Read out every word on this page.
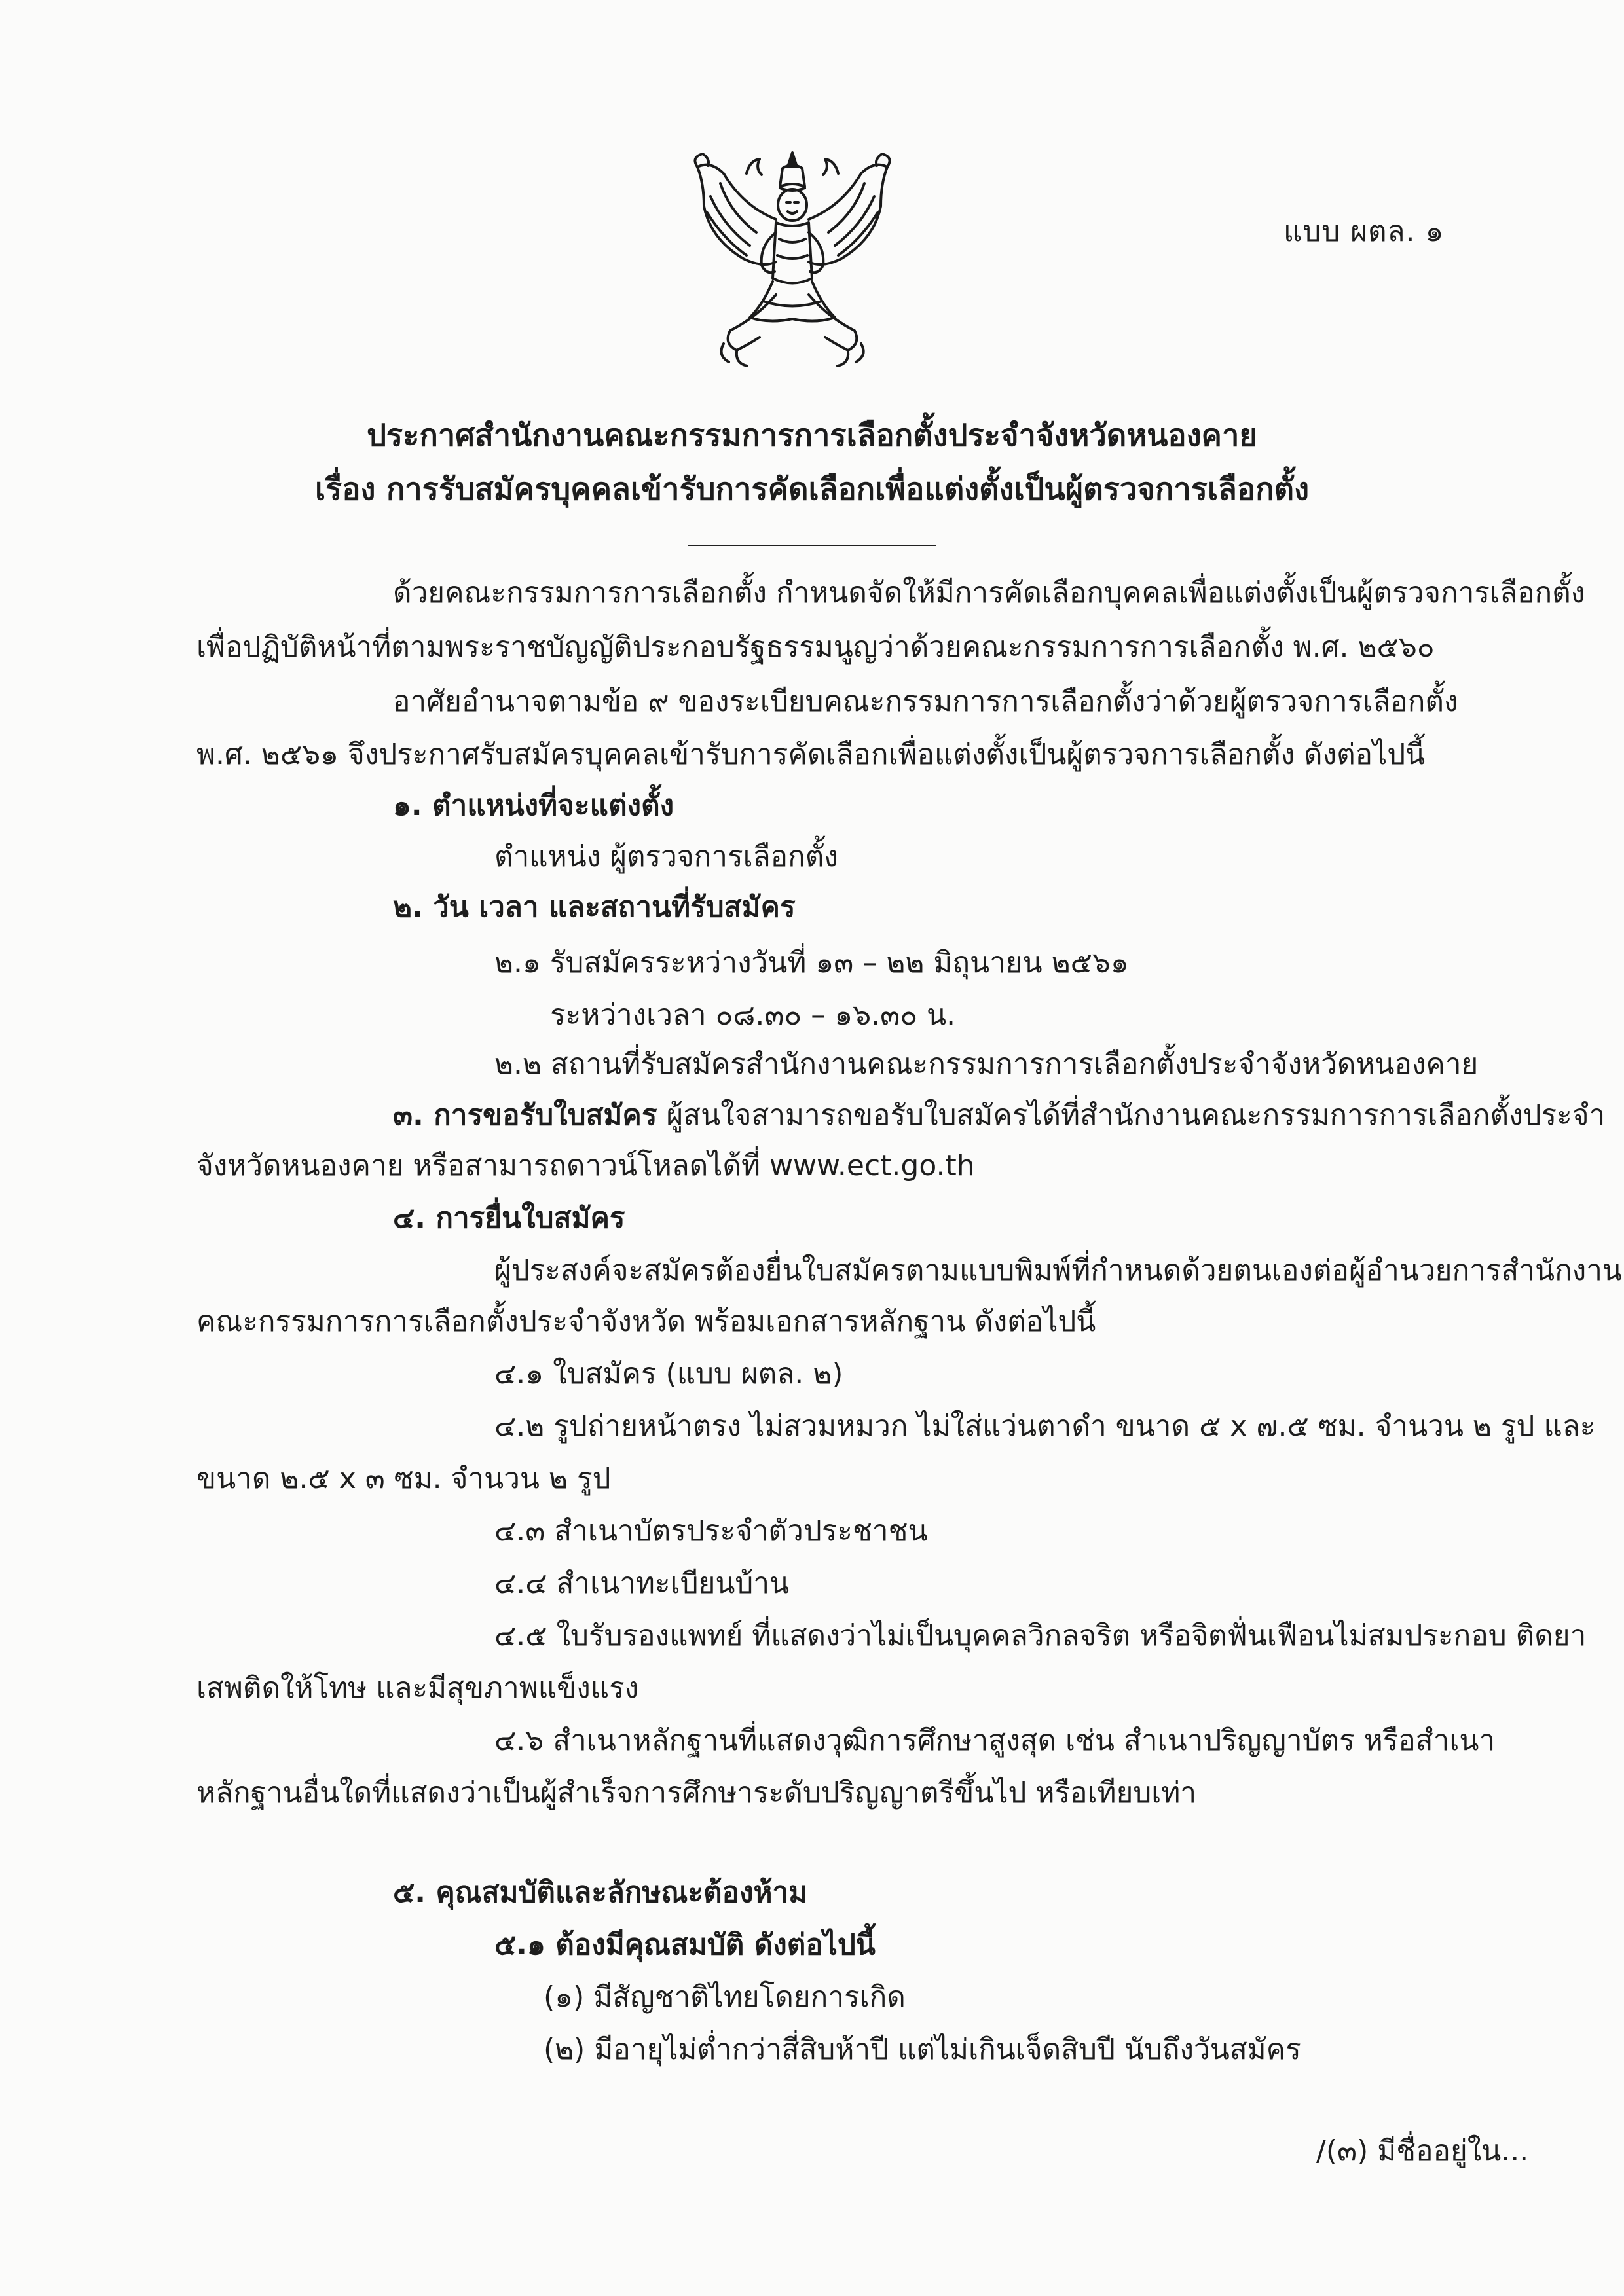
แบบ ผตล. ๑
ประกาศสำนักงานคณะกรรมการการเลือกตั้งประจำจังหวัดหนองคาย
เรื่อง การรับสมัครบุคคลเข้ารับการคัดเลือกเพื่อแต่งตั้งเป็นผู้ตรวจการเลือกตั้ง
ด้วยคณะกรรมการการเลือกตั้ง กำหนดจัดให้มีการคัดเลือกบุคคลเพื่อแต่งตั้งเป็นผู้ตรวจการเลือกตั้ง
เพื่อปฏิบัติหน้าที่ตามพระราชบัญญัติประกอบรัฐธรรมนูญว่าด้วยคณะกรรมการการเลือกตั้ง พ.ศ. ๒๕๖๐
อาศัยอำนาจตามข้อ ๙ ของระเบียบคณะกรรมการการเลือกตั้งว่าด้วยผู้ตรวจการเลือกตั้ง
พ.ศ. ๒๕๖๑ จึงประกาศรับสมัครบุคคลเข้ารับการคัดเลือกเพื่อแต่งตั้งเป็นผู้ตรวจการเลือกตั้ง ดังต่อไปนี้
๑. ตำแหน่งที่จะแต่งตั้ง
ตำแหน่ง ผู้ตรวจการเลือกตั้ง
๒. วัน เวลา และสถานที่รับสมัคร
๒.๑ รับสมัครระหว่างวันที่ ๑๓ – ๒๒ มิถุนายน ๒๕๖๑
ระหว่างเวลา ๐๘.๓๐ – ๑๖.๓๐ น.
๒.๒ สถานที่รับสมัครสำนักงานคณะกรรมการการเลือกตั้งประจำจังหวัดหนองคาย
๓. การขอรับใบสมัคร ผู้สนใจสามารถขอรับใบสมัครได้ที่สำนักงานคณะกรรมการการเลือกตั้งประจำ
จังหวัดหนองคาย หรือสามารถดาวน์โหลดได้ที่ www.ect.go.th
๔. การยื่นใบสมัคร
ผู้ประสงค์จะสมัครต้องยื่นใบสมัครตามแบบพิมพ์ที่กำหนดด้วยตนเองต่อผู้อำนวยการสำนักงาน
คณะกรรมการการเลือกตั้งประจำจังหวัด พร้อมเอกสารหลักฐาน ดังต่อไปนี้
๔.๑ ใบสมัคร (แบบ ผตล. ๒)
๔.๒ รูปถ่ายหน้าตรง ไม่สวมหมวก ไม่ใส่แว่นตาดำ ขนาด ๕ x ๗.๕ ซม. จำนวน ๒ รูป และ
ขนาด ๒.๕ x ๓ ซม. จำนวน ๒ รูป
๔.๓ สำเนาบัตรประจำตัวประชาชน
๔.๔ สำเนาทะเบียนบ้าน
๔.๕ ใบรับรองแพทย์ ที่แสดงว่าไม่เป็นบุคคลวิกลจริต หรือจิตฟั่นเฟือนไม่สมประกอบ ติดยา
เสพติดให้โทษ และมีสุขภาพแข็งแรง
๔.๖ สำเนาหลักฐานที่แสดงวุฒิการศึกษาสูงสุด เช่น สำเนาปริญญาบัตร หรือสำเนา
หลักฐานอื่นใดที่แสดงว่าเป็นผู้สำเร็จการศึกษาระดับปริญญาตรีขึ้นไป หรือเทียบเท่า
๕. คุณสมบัติและลักษณะต้องห้าม
๕.๑ ต้องมีคุณสมบัติ ดังต่อไปนี้
(๑) มีสัญชาติไทยโดยการเกิด
(๒) มีอายุไม่ต่ำกว่าสี่สิบห้าปี แต่ไม่เกินเจ็ดสิบปี นับถึงวันสมัคร
/(๓) มีชื่ออยู่ใน...
